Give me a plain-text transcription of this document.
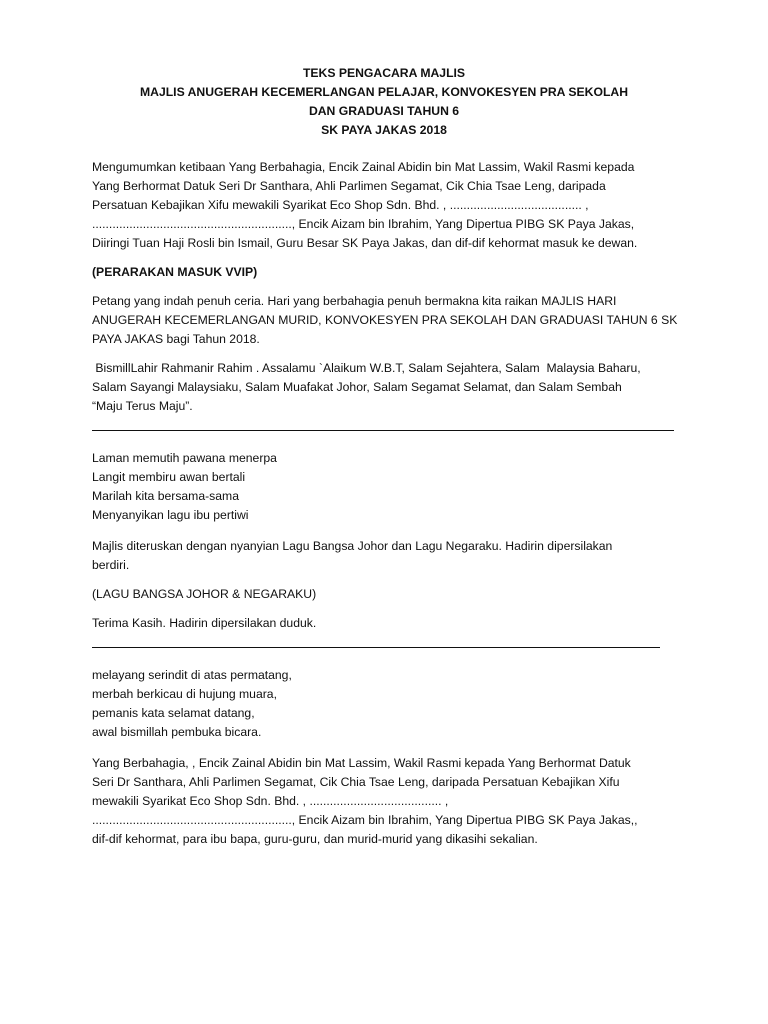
TEKS PENGACARA MAJLIS
MAJLIS ANUGERAH KECEMERLANGAN PELAJAR, KONVOKESYEN PRA SEKOLAH
DAN GRADUASI TAHUN 6
SK PAYA JAKAS 2018
Mengumumkan ketibaan Yang Berbahagia, Encik Zainal Abidin bin Mat Lassim, Wakil Rasmi kepada
Yang Berhormat Datuk Seri Dr Santhara, Ahli Parlimen Segamat, Cik Chia Tsae Leng, daripada
Persatuan Kebajikan Xifu mewakili Syarikat Eco Shop Sdn. Bhd. , ....................................... ,
..........................................................., Encik Aizam bin Ibrahim, Yang Dipertua PIBG SK Paya Jakas,
Diiringi Tuan Haji Rosli bin Ismail, Guru Besar SK Paya Jakas, dan dif-dif kehormat masuk ke dewan.
(PERARAKAN MASUK VVIP)
Petang yang indah penuh ceria. Hari yang berbahagia penuh bermakna kita raikan MAJLIS HARI
ANUGERAH KECEMERLANGAN MURID, KONVOKESYEN PRA SEKOLAH DAN GRADUASI TAHUN 6 SK
PAYA JAKAS bagi Tahun 2018.
BismillLahir Rahmanir Rahim . Assalamu `Alaikum W.B.T, Salam Sejahtera, Salam  Malaysia Baharu,
Salam Sayangi Malaysiaku, Salam Muafakat Johor, Salam Segamat Selamat, dan Salam Sembah
“Maju Terus Maju”.
Laman memutih pawana menerpa
Langit membiru awan bertali
Marilah kita bersama-sama
Menyanyikan lagu ibu pertiwi
Majlis diteruskan dengan nyanyian Lagu Bangsa Johor dan Lagu Negaraku. Hadirin dipersilakan
berdiri.
(LAGU BANGSA JOHOR & NEGARAKU)
Terima Kasih. Hadirin dipersilakan duduk.
melayang serindit di atas permatang,
merbah berkicau di hujung muara,
pemanis kata selamat datang,
awal bismillah pembuka bicara.
Yang Berbahagia, , Encik Zainal Abidin bin Mat Lassim, Wakil Rasmi kepada Yang Berhormat Datuk
Seri Dr Santhara, Ahli Parlimen Segamat, Cik Chia Tsae Leng, daripada Persatuan Kebajikan Xifu
mewakili Syarikat Eco Shop Sdn. Bhd. , ....................................... ,
..........................................................., Encik Aizam bin Ibrahim, Yang Dipertua PIBG SK Paya Jakas,,
dif-dif kehormat, para ibu bapa, guru-guru, dan murid-murid yang dikasihi sekalian.
